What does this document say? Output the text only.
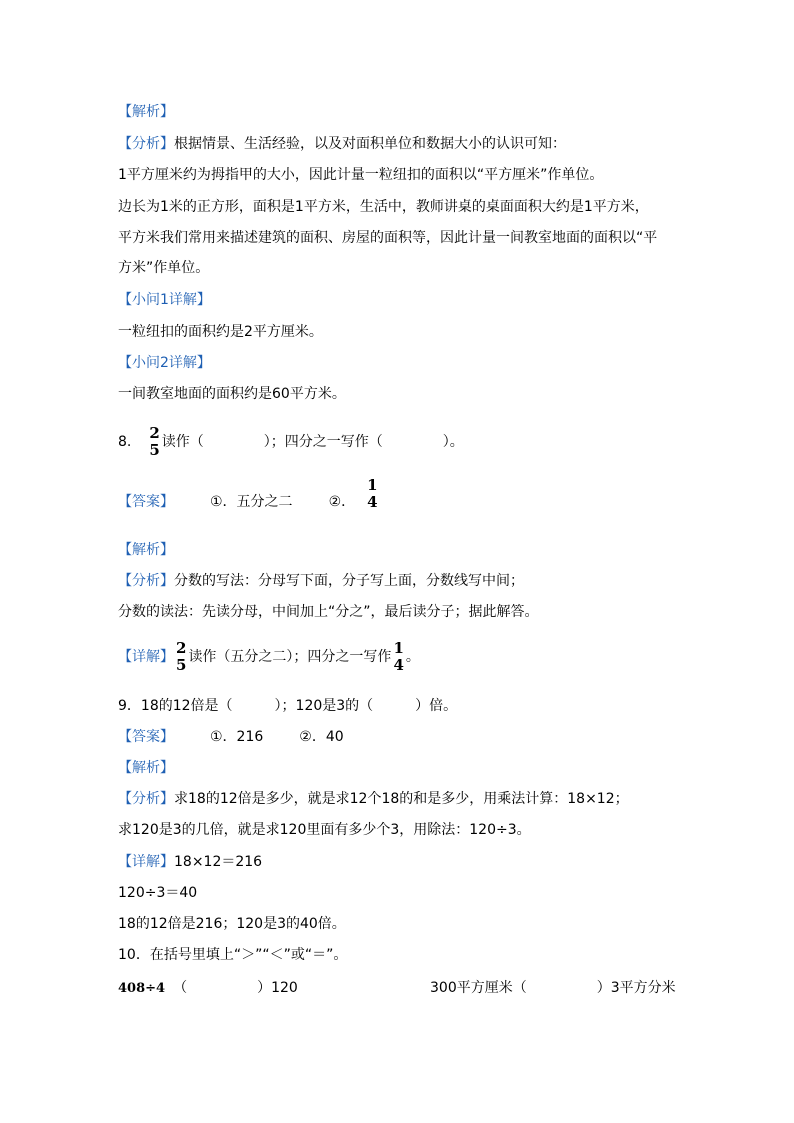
【解析】
【分析】根据情景、生活经验，以及对面积单位和数据大小的认识可知：
1平方厘米约为拇指甲的大小，因此计量一粒纽扣的面积以“平方厘米”作单位。
边长为1米的正方形，面积是1平方米，生活中，教师讲桌的桌面面积大约是1平方米，
平方米我们常用来描述建筑的面积、房屋的面积等，因此计量一间教室地面的面积以“平
方米”作单位。
【小问1详解】
一粒纽扣的面积约是2平方厘米。
【小问2详解】
一间教室地面的面积约是60平方米。
8. 2
5 读作（	）；四分之一写作（	）。
【答案】	①．五分之二	②．
1
4
【解析】
【分析】分数的写法：分母写下面，分子写上面，分数线写中间；
分数的读法：先读分母，中间加上“分之”，最后读分子；据此解答。
【详解】 2
5 读作（五分之二）；四分之一写作 1
4 。
9．18的12倍是（　　　）；120是3的（　　　）倍。
【答案】	①．216	②．40
【解析】
【分析】求18的12倍是多少，就是求12个18的和是多少，用乘法计算：18×12；
求120是3的几倍，就是求120里面有多少个3，用除法：120÷3。
【详解】18×12＝216
120÷3＝40
18的12倍是216；120是3的40倍。
10．在括号里填上“＞”“＜”或“＝”。
408÷4 （　　　　　）120	300平方厘米（　　　　　）3平方分米
